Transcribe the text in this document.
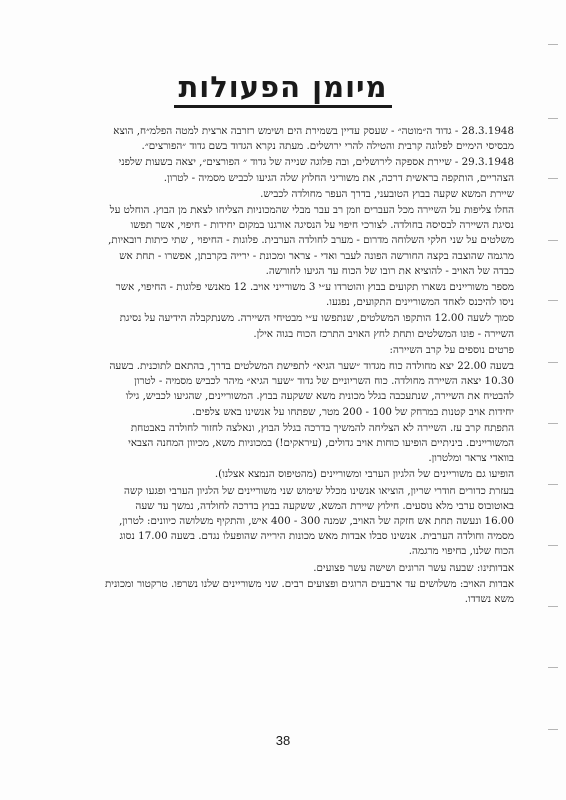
מיומן הפעולות

28.3.1948 - גדוד ה״מוטה״ - שעסק עדיין בשמירת הים ושימש רזרבה ארצית למטה הפלמ״ח, הוצא מבסיסי הימיים לפלוגה קרבית והטילה להרי ירושלים. מעתה נקרא הגדוד בשם גדוד ״הפורצים״.

29.3.1948 - שיירת אספקה לירושלים, ובה פלוגה שנייה של גדוד ״ הפורצים״, יצאה בשעות שלפני הצהריים, הותקפה בראשית דרכה, את משוריני החלוץ שלה הגיעו לכביש מסמיה - לטרון.

שיירת המשא שקעה בבוץ הטובעני, בדרך העפר מחולדה לכביש.

החלו צליפות על השיירה מכל העברים וזמן רב עבר מבלי שהמכוניות הצליחו לצאת מן הבוץ. הוחלט על נסיגת השיירה לבסיסה בחולדה. לצורכי חיפוי על הנסיגה אורגנו במקום יחידות - חיפוי, אשר תפשו משלטים על שני חלקי השלוחה מדרום - מערב לחולדה הערבית. פלוגות - החיפוי , שתי כיתות רובאיות, מרגמה שהוצבה בקצה החורשה הפונה לעבר ואדי - צראר ומכונת - ירייה בקרבתן, אפשרו - תחת אש כבדה של האויב - להוציא את רובו של הכוח עד הגיעו לחורשה.

מספר משוריינים נשארו תקועים בבוץ והוטרדו ע״י 3 משורייני אויב. 12 מאנשי פלוגות - החיפוי, אשר ניסו להיכנס לאחד המשוריינים התקועים, נפגעו.

סמוך לשעה 12.00 הותקפו המשלטים, שנתפשו ע״י מבטיחי השיירה. משנתקבלה הידיעה על נסיגת השיירה - פונו המשלטים ותחת לחץ האויב התרכז הכוח בגוה אילן.

פרטים נוספים על קרב השיירה:

בשעה 22.00 יצא מחולדה כוח מגדוד ״שער הגיא״ לתפישת המשלטים בדרך, בהתאם לתוכנית. בשעה 10.30 יצאה השיירה מחולדה. כוח השריוניים של גדוד ״שער הגיא״ מיהר לכביש מסמיה - לטרון להבטיח את השיירה, שנתעכבה בגלל מכונית משא ששקעה בבוץ. המשוריינים, שהגיעו לכביש, גילו יחידות אויב קטנות במרחק של 100 - 200 מטר, שפתחו על אנשינו באש צלפים.

התפתח קרב עז. השיירה לא הצליחה להמשיך בדרכה בגלל הבוץ, ונאלצה לחזור לחולדה באבטחת המשוריינים. ביניתיים הופיעו כוחות אויב גדולים, (עיראקים!) במכוניות משא, מכיוון המחנה הצבאי בוואדי צראר ומלטרון.

הופיעו גם משוריינים של הלגיון הערבי ומשוריינים (מהטיפוס הנמצא אצלנו).

בעזרת כדורים חודרי שריון, הוציאו אנשינו מכלל שימוש שני משוריינים של הלגיון הערבי ופגעו קשה באוטובוס ערבי מלא נוסעים. חילוץ שיירת המשא, ששקעה בבוץ בדרכה לחולדה, נמשך עד שעה 16.00 ונעשה תחת אש חזקה של האויב, שמנה 300 - 400 איש, והתקיף משלושה כיוונים: לטרון, מסמיה וחולדה הערבית. אנשינו סבלו אבדות מאש מכונות הירייה שהופעלו נגדם. בשעה 17.00 נסוג הכוח שלנו, בחיפוי מרגמה.

אבדותינו: שבעה עשר הרוגים ושישה עשר פצועים.

אבדות האויב: משלושים עד ארבעים הרוגים ופצועים רבים. שני משוריינים שלנו נשרפו. טרקטור ומכונית משא נשדדו.

38
